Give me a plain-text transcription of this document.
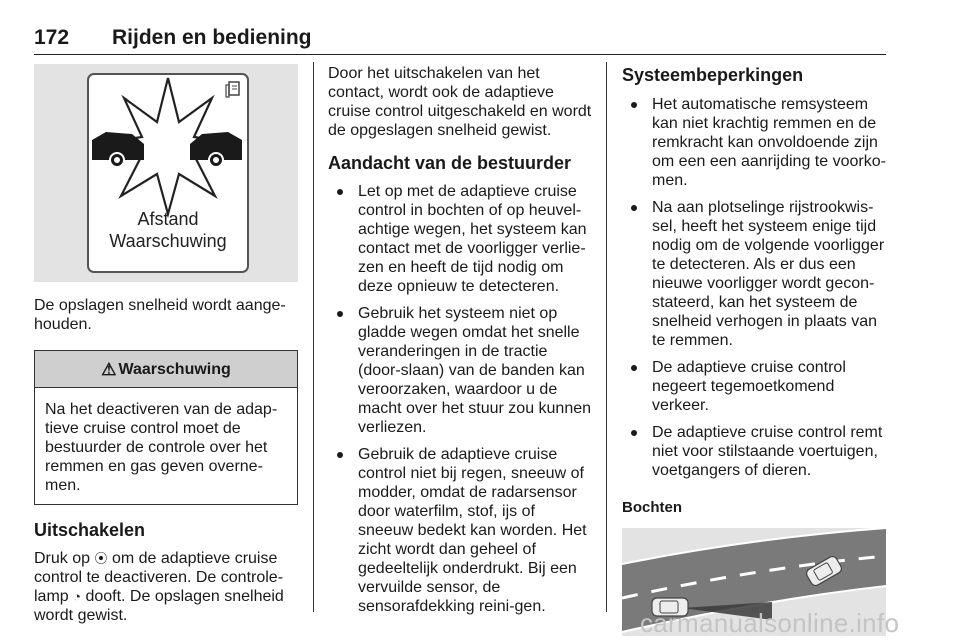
172 Rijden en bediening
Afstand
Waarschuwing

De opslagen snelheid wordt aange-houden.

⚠ Waarschuwing
Na het deactiveren van de adap-tieve cruise control moet de bestuurder de controle over het remmen en gas geven overne-men.
Uitschakelen

Druk op ⦿ om de adaptieve cruise control te deactiveren. De controle-lamp ◔ dooft. De opslagen snelheid wordt gewist.

Door het uitschakelen van het contact, wordt ook de adaptieve cruise control uitgeschakeld en wordt de opgeslagen snelheid gewist.

Aandacht van de bestuurder
Let op met de adaptieve cruise control in bochten of op heuvel-achtige wegen, het systeem kan contact met de voorligger verlie-zen en heeft de tijd nodig om deze opnieuw te detecteren.
Gebruik het systeem niet op gladde wegen omdat het snelle veranderingen in de tractie (door-slaan) van de banden kan veroorzaken, waardoor u de macht over het stuur zou kunnen verliezen.
Gebruik de adaptieve cruise control niet bij regen, sneeuw of modder, omdat de radarsensor door waterfilm, stof, ijs of sneeuw bedekt kan worden. Het zicht wordt dan geheel of gedeeltelijk onderdrukt. Bij een vervuilde sensor, de sensorafdekking reini-gen.
Systeembeperkingen
Het automatische remsysteem kan niet krachtig remmen en de remkracht kan onvoldoende zijn om een een aanrijding te voorko-men.
Na aan plotselinge rijstrookwis-sel, heeft het systeem enige tijd nodig om de volgende voorligger te detecteren. Als er dus een nieuwe voorligger wordt gecon-stateerd, kan het systeem de snelheid verhogen in plaats van te remmen.
De adaptieve cruise control negeert tegemoetkomend verkeer.
De adaptieve cruise control remt niet voor stilstaande voertuigen, voetgangers of dieren.
Bochten
carmanualsonline.info
